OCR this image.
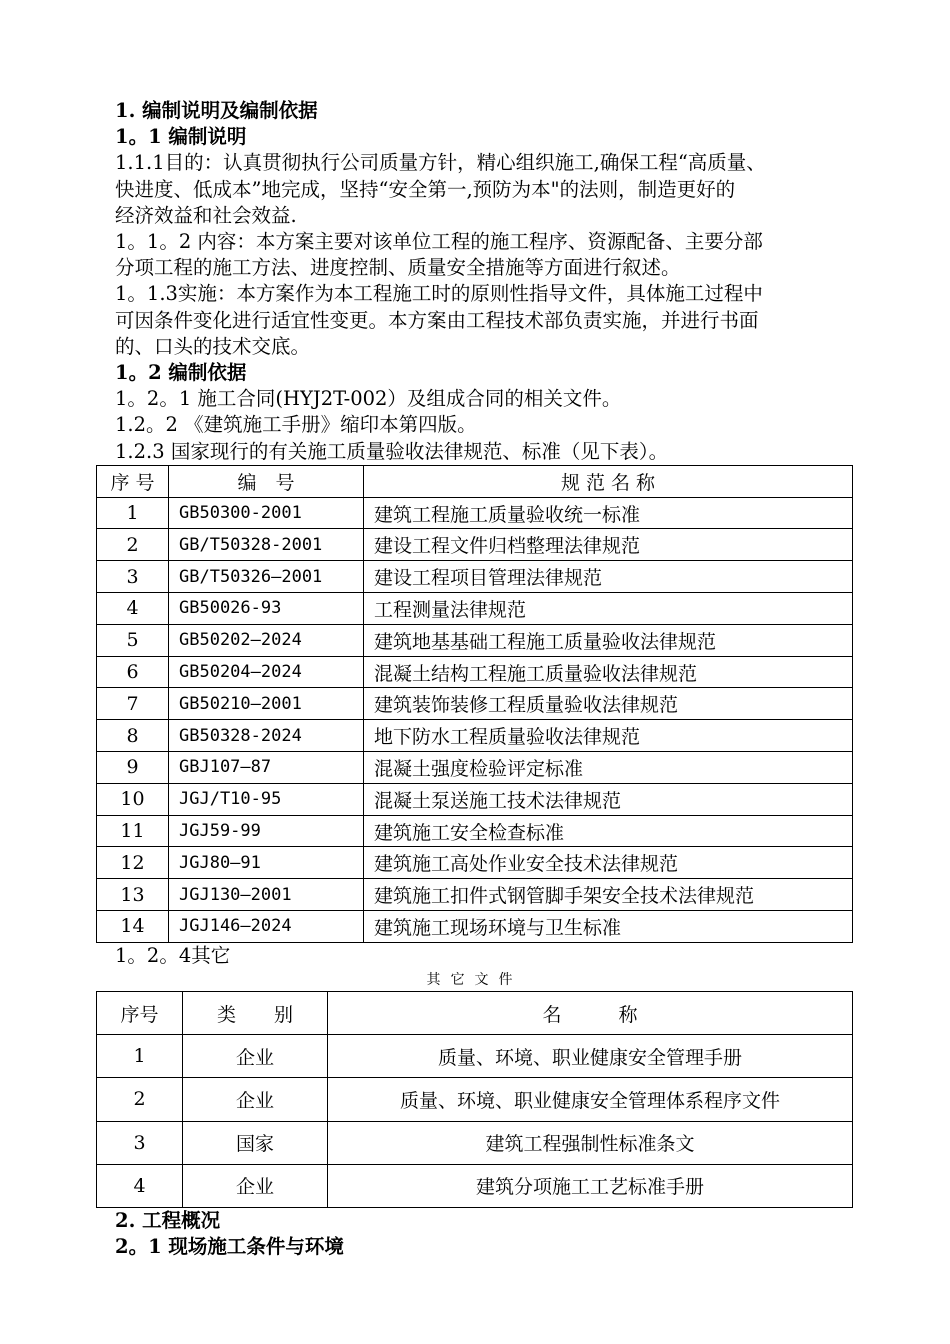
1. 编制说明及编制依据
1。1 编制说明
1.1.1目的：认真贯彻执行公司质量方针，精心组织施工,确保工程“高质量、
快进度、低成本”地完成，坚持“安全第一,预防为本"的法则，制造更好的
经济效益和社会效益.
1。1。2 内容：本方案主要对该单位工程的施工程序、资源配备、主要分部
分项工程的施工方法、进度控制、质量安全措施等方面进行叙述。
1。1.3实施：本方案作为本工程施工时的原则性指导文件，具体施工过程中
可因条件变化进行适宜性变更。本方案由工程技术部负责实施，并进行书面
的、口头的技术交底。
1。2 编制依据
1。2。1 施工合同(HYJ2T-002）及组成合同的相关文件。
1.2。2 《建筑施工手册》缩印本第四版。
1.2.3 国家现行的有关施工质量验收法律规范、标准（见下表）。
序 号	编　号	规 范 名 称
1	GB50300-2001	建筑工程施工质量验收统一标准
2	GB/T50328-2001	建设工程文件归档整理法律规范
3	GB/T50326—2001	建设工程项目管理法律规范
4	GB50026-93	工程测量法律规范
5	GB50202—2024	建筑地基基础工程施工质量验收法律规范
6	GB50204—2024	混凝土结构工程施工质量验收法律规范
7	GB50210—2001	建筑装饰装修工程质量验收法律规范
8	GB50328-2024	地下防水工程质量验收法律规范
9	GBJ107—87	混凝土强度检验评定标准
10	JGJ/T10-95	混凝土泵送施工技术法律规范
11	JGJ59-99	建筑施工安全检查标准
12	JGJ80—91	建筑施工高处作业安全技术法律规范
13	JGJ130—2001	建筑施工扣件式钢管脚手架安全技术法律规范
14	JGJ146—2024	建筑施工现场环境与卫生标准
1。2。4其它
其它文件
序号	类　　别	名　　　称
1	企业	质量、环境、职业健康安全管理手册
2	企业	质量、环境、职业健康安全管理体系程序文件
3	国家	建筑工程强制性标准条文
4	企业	建筑分项施工工艺标准手册
2. 工程概况
2。1 现场施工条件与环境
